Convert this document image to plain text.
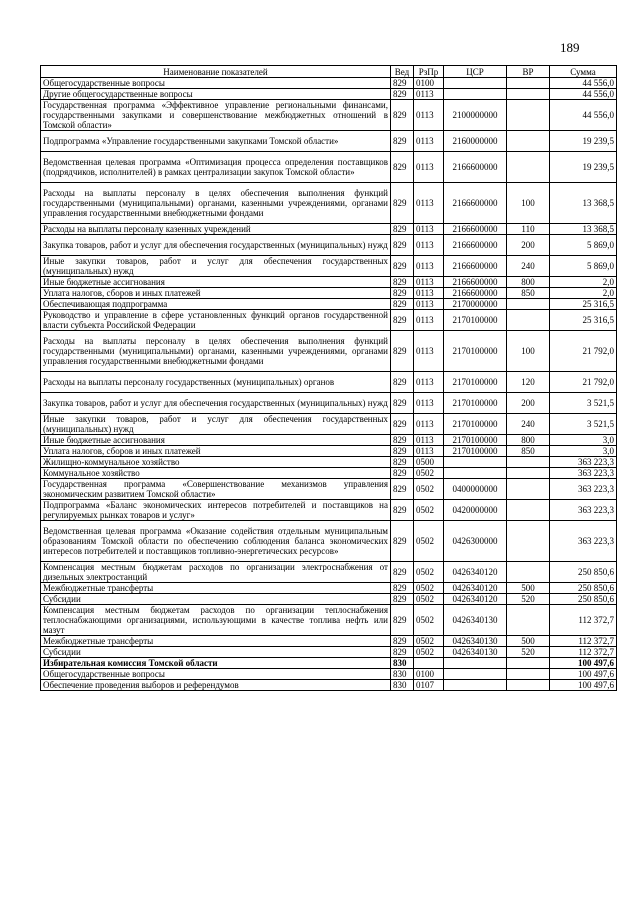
189
Наименование показателей	Вед	РзПр	ЦСР	ВР	Сумма
Общегосударственные вопросы	829	0100			44 556,0
Другие общегосударственные вопросы	829	0113			44 556,0
Государственная программа «Эффективное управление региональными финансами, государственными закупками и совершенствование межбюджетных отношений в Томской области»	829	0113	2100000000		44 556,0
Подпрограмма «Управление государственными закупками Томской области»	829	0113	2160000000		19 239,5
Ведомственная целевая программа «Оптимизация процесса определения поставщиков (подрядчиков, исполнителей) в рамках централизации закупок Томской области»	829	0113	2166600000		19 239,5
Расходы на выплаты персоналу в целях обеспечения выполнения функций государственными (муниципальными) органами, казенными учреждениями, органами управления государственными внебюджетными фондами	829	0113	2166600000	100	13 368,5
Расходы на выплаты персоналу казенных учреждений	829	0113	2166600000	110	13 368,5
Закупка товаров, работ и услуг для обеспечения государственных (муниципальных) нужд	829	0113	2166600000	200	5 869,0
Иные закупки товаров, работ и услуг для обеспечения государственных (муниципальных) нужд	829	0113	2166600000	240	5 869,0
Иные бюджетные ассигнования	829	0113	2166600000	800	2,0
Уплата налогов, сборов и иных платежей	829	0113	2166600000	850	2,0
Обеспечивающая подпрограмма	829	0113	2170000000		25 316,5
Руководство и управление в сфере установленных функций органов государственной власти субъекта Российской Федерации	829	0113	2170100000		25 316,5
Расходы на выплаты персоналу в целях обеспечения выполнения функций государственными (муниципальными) органами, казенными учреждениями, органами управления государственными внебюджетными фондами	829	0113	2170100000	100	21 792,0
Расходы на выплаты персоналу государственных (муниципальных) органов	829	0113	2170100000	120	21 792,0
Закупка товаров, работ и услуг для обеспечения государственных (муниципальных) нужд	829	0113	2170100000	200	3 521,5
Иные закупки товаров, работ и услуг для обеспечения государственных (муниципальных) нужд	829	0113	2170100000	240	3 521,5
Иные бюджетные ассигнования	829	0113	2170100000	800	3,0
Уплата налогов, сборов и иных платежей	829	0113	2170100000	850	3,0
Жилищно-коммунальное хозяйство	829	0500			363 223,3
Коммунальное хозяйство	829	0502			363 223,3
Государственная программа «Совершенствование механизмов управления экономическим развитием Томской области»	829	0502	0400000000		363 223,3
Подпрограмма «Баланс экономических интересов потребителей и поставщиков на регулируемых рынках товаров и услуг»	829	0502	0420000000		363 223,3
Ведомственная целевая программа «Оказание содействия отдельным муниципальным образованиям Томской области по обеспечению соблюдения баланса экономических интересов потребителей и поставщиков топливно-энергетических ресурсов»	829	0502	0426300000		363 223,3
Компенсация местным бюджетам расходов по организации электроснабжения от дизельных электростанций	829	0502	0426340120		250 850,6
Межбюджетные трансферты	829	0502	0426340120	500	250 850,6
Субсидии	829	0502	0426340120	520	250 850,6
Компенсация местным бюджетам расходов по организации теплоснабжения теплоснабжающими организациями, использующими в качестве топлива нефть или мазут	829	0502	0426340130		112 372,7
Межбюджетные трансферты	829	0502	0426340130	500	112 372,7
Субсидии	829	0502	0426340130	520	112 372,7
Избирательная комиссия Томской области	830				100 497,6
Общегосударственные вопросы	830	0100			100 497,6
Обеспечение проведения выборов и референдумов	830	0107			100 497,6
